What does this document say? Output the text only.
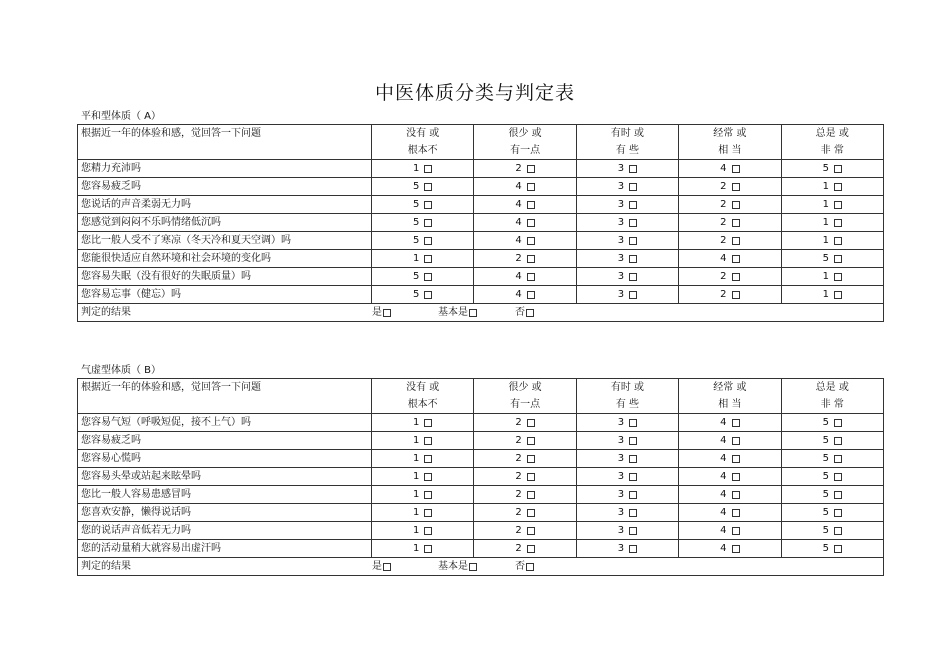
中医体质分类与判定表
平和型体质（ A）
根据近一年的体验和感，觉回答一下问题	没有 或	很少 或	有时 或	经常 或	总是 或
	根本不	有一点	有 些	相 当	非 常
您精力充沛吗	1	2	3	4	5

您容易疲乏吗	5	4	3	2	1

您说话的声音柔弱无力吗	5	4	3	2	1

您感觉到闷闷不乐吗情绪低沉吗	5	4	3	2	1

您比一般人受不了寒凉（冬天冷和夏天空调）吗	5	4	3	2	1

您能很快适应自然环境和社会环境的变化吗	1	2	3	4	5

您容易失眠（没有很好的失眠质量）吗	5	4	3	2	1

您容易忘事（健忘）吗	5	4	3	2	1

判定的结果 是 基本是 否					
气虚型体质（ B）
根据近一年的体验和感，觉回答一下问题	没有 或	很少 或	有时 或	经常 或	总是 或
	根本不	有一点	有 些	相 当	非 常
您容易气短（呼吸短促，接不上气）吗	1	2	3	4	5

您容易疲乏吗	1	2	3	4	5

您容易心慌吗	1	2	3	4	5

您容易头晕或站起来眩晕吗	1	2	3	4	5

您比一般人容易患感冒吗	1	2	3	4	5

您喜欢安静，懒得说话吗	1	2	3	4	5

您的说话声音低若无力吗	1	2	3	4	5

您的活动量稍大就容易出虚汗吗	1	2	3	4	5

判定的结果 是 基本是 否					
